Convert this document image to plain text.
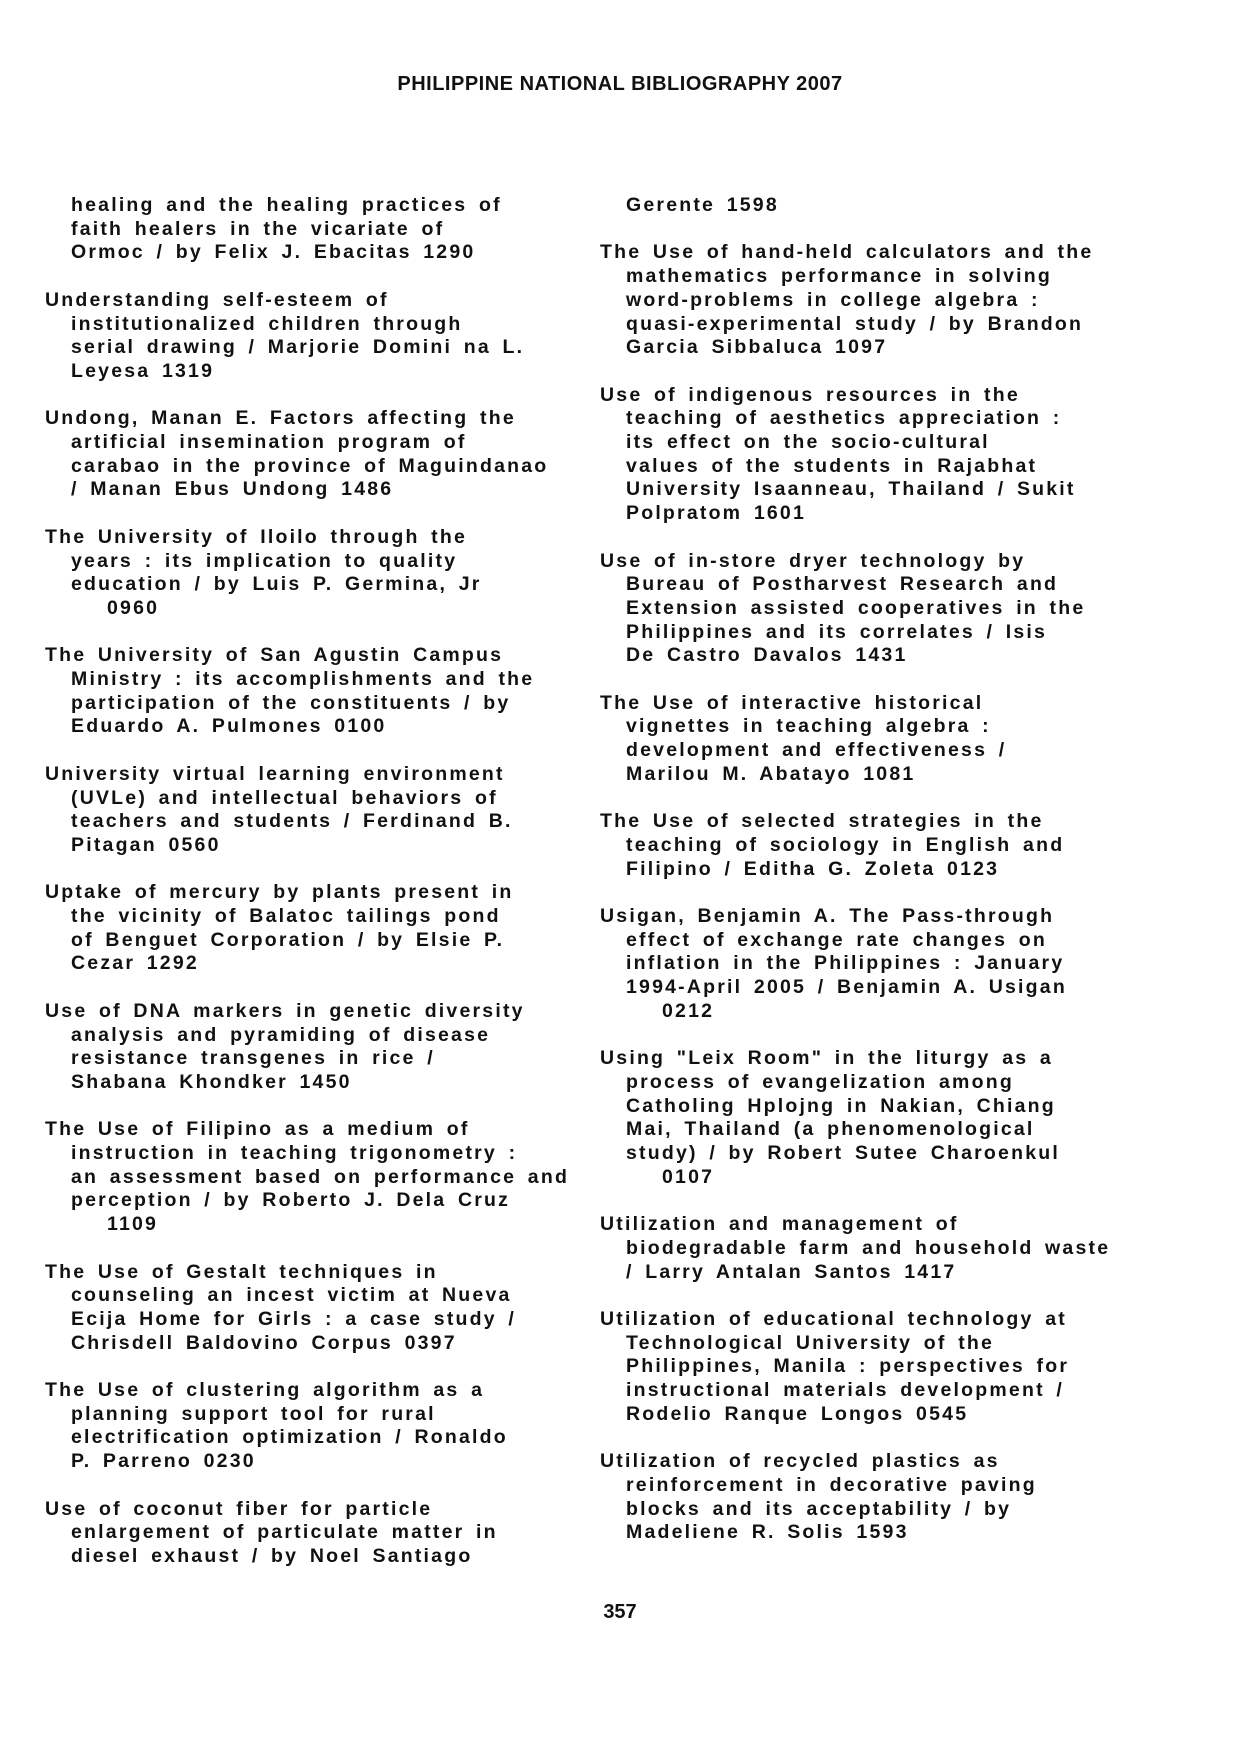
PHILIPPINE NATIONAL BIBLIOGRAPHY 2007
healing and the healing practices of
faith healers in the vicariate of
Ormoc / by Felix J. Ebacitas 1290
Understanding self-esteem of
institutionalized children through
serial drawing / Marjorie Domini na L.
Leyesa 1319
Undong, Manan E. Factors affecting the
artificial insemination program of
carabao in the province of Maguindanao
/ Manan Ebus Undong 1486
The University of Iloilo through the
years : its implication to quality
education / by Luis P. Germina, Jr
0960
The University of San Agustin Campus
Ministry : its accomplishments and the
participation of the constituents / by
Eduardo A. Pulmones 0100
University virtual learning environment
(UVLe) and intellectual behaviors of
teachers and students / Ferdinand B.
Pitagan 0560
Uptake of mercury by plants present in
the vicinity of Balatoc tailings pond
of Benguet Corporation / by Elsie P.
Cezar 1292
Use of DNA markers in genetic diversity
analysis and pyramiding of disease
resistance transgenes in rice /
Shabana Khondker 1450
The Use of Filipino as a medium of
instruction in teaching trigonometry :
an assessment based on performance and
perception / by Roberto J. Dela Cruz
1109
The Use of Gestalt techniques in
counseling an incest victim at Nueva
Ecija Home for Girls : a case study /
Chrisdell Baldovino Corpus 0397
The Use of clustering algorithm as a
planning support tool for rural
electrification optimization / Ronaldo
P. Parreno 0230
Use of coconut fiber for particle
enlargement of particulate matter in
diesel exhaust / by Noel Santiago
Gerente 1598
The Use of hand-held calculators and the
mathematics performance in solving
word-problems in college algebra :
quasi-experimental study / by Brandon
Garcia Sibbaluca 1097
Use of indigenous resources in the
teaching of aesthetics appreciation :
its effect on the socio-cultural
values of the students in Rajabhat
University Isaanneau, Thailand / Sukit
Polpratom 1601
Use of in-store dryer technology by
Bureau of Postharvest Research and
Extension assisted cooperatives in the
Philippines and its correlates / Isis
De Castro Davalos 1431
The Use of interactive historical
vignettes in teaching algebra :
development and effectiveness /
Marilou M. Abatayo 1081
The Use of selected strategies in the
teaching of sociology in English and
Filipino / Editha G. Zoleta 0123
Usigan, Benjamin A. The Pass-through
effect of exchange rate changes on
inflation in the Philippines : January
1994-April 2005 / Benjamin A. Usigan
0212
Using "Leix Room" in the liturgy as a
process of evangelization among
Catholing Hplojng in Nakian, Chiang
Mai, Thailand (a phenomenological
study) / by Robert Sutee Charoenkul
0107
Utilization and management of
biodegradable farm and household waste
/ Larry Antalan Santos 1417
Utilization of educational technology at
Technological University of the
Philippines, Manila : perspectives for
instructional materials development /
Rodelio Ranque Longos 0545
Utilization of recycled plastics as
reinforcement in decorative paving
blocks and its acceptability / by
Madeliene R. Solis 1593
357
